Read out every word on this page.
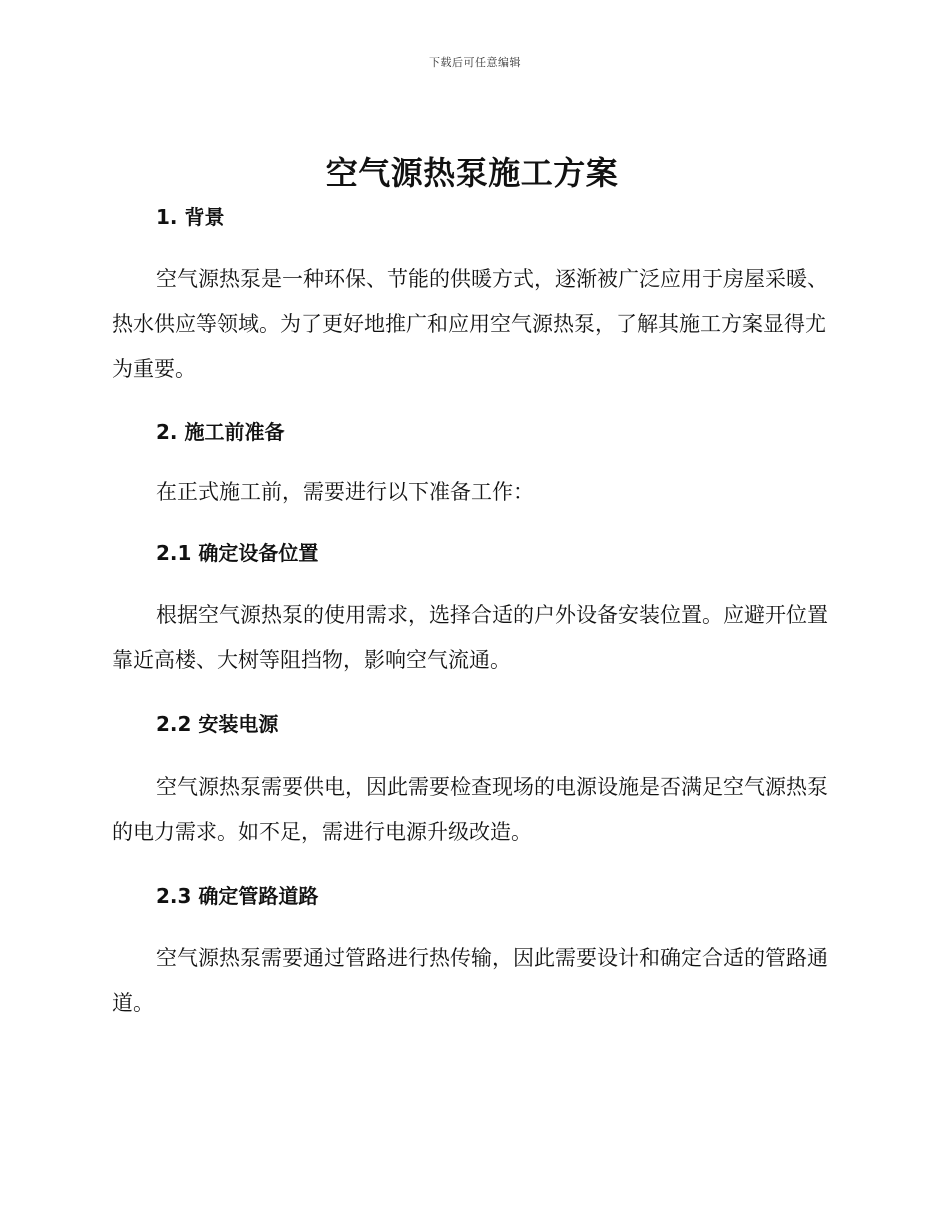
下载后可任意编辑
空气源热泵施工方案
1. 背景

空气源热泵是一种环保、节能的供暖方式，逐渐被广泛应用于房屋采暖、热水供应等领域。为了更好地推广和应用空气源热泵，了解其施工方案显得尤为重要。

2. 施工前准备

在正式施工前，需要进行以下准备工作：

2.1 确定设备位置

根据空气源热泵的使用需求，选择合适的户外设备安装位置。应避开位置靠近高楼、大树等阻挡物，影响空气流通。

2.2 安装电源

空气源热泵需要供电，因此需要检查现场的电源设施是否满足空气源热泵的电力需求。如不足，需进行电源升级改造。

2.3 确定管路道路

空气源热泵需要通过管路进行热传输，因此需要设计和确定合适的管路通道。
